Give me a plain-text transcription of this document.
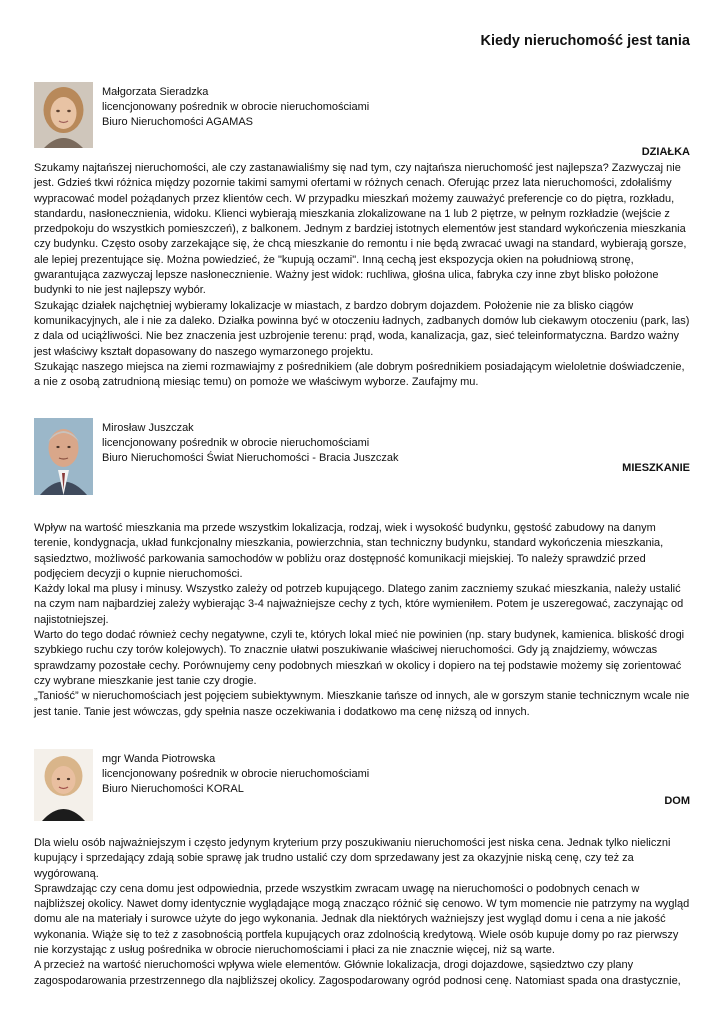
Kiedy nieruchomość jest tania
Małgorzata Sieradzka
licencjonowany pośrednik w obrocie nieruchomościami
Biuro Nieruchomości AGAMAS
DZIAŁKA

Szukamy najtańszej nieruchomości, ale czy zastanawialiśmy się nad tym, czy najtańsza nieruchomość jest najlepsza? Zazwyczaj nie jest. Gdzieś tkwi różnica między pozornie takimi samymi ofertami w różnych cenach. Oferując przez lata nieruchomości, zdołaliśmy wypracować model pożądanych przez klientów cech. W przypadku mieszkań możemy zauważyć preferencje co do piętra, rozkładu, standardu, nasłonecznienia, widoku. Klienci wybierają mieszkania zlokalizowane na 1 lub 2 piętrze, w pełnym rozkładzie (wejście z przedpokoju do wszystkich pomieszczeń), z balkonem. Jednym z bardziej istotnych elementów jest standard wykończenia mieszkania czy budynku. Często osoby zarzekające się, że chcą mieszkanie do remontu i nie będą zwracać uwagi na standard, wybierają gorsze, ale lepiej prezentujące się. Można powiedzieć, że "kupują oczami". Inną cechą jest ekspozycja okien na południową stronę, gwarantująca zazwyczaj lepsze nasłonecznienie. Ważny jest widok: ruchliwa, głośna ulica, fabryka czy inne zbyt blisko położone budynki to nie jest najlepszy wybór.

Szukając działek najchętniej wybieramy lokalizacje w miastach, z bardzo dobrym dojazdem. Położenie nie za blisko ciągów komunikacyjnych, ale i nie za daleko. Działka powinna być w otoczeniu ładnych, zadbanych domów lub ciekawym otoczeniu (park, las) z dala od uciążliwości. Nie bez znaczenia jest uzbrojenie terenu: prąd, woda, kanalizacja, gaz, sieć teleinformatyczna. Bardzo ważny jest właściwy kształt dopasowany do naszego wymarzonego projektu.

Szukając naszego miejsca na ziemi rozmawiajmy z pośrednikiem (ale dobrym pośrednikiem posiadającym wieloletnie doświadczenie, a nie z osobą zatrudnioną miesiąc temu) on pomoże we właściwym wyborze. Zaufajmy mu.

Mirosław Juszczak
licencjonowany pośrednik w obrocie nieruchomościami
Biuro Nieruchomości Świat Nieruchomości - Bracia Juszczak
MIESZKANIE

Wpływ na wartość mieszkania ma przede wszystkim lokalizacja, rodzaj, wiek i wysokość budynku, gęstość zabudowy na danym terenie, kondygnacja, układ funkcjonalny mieszkania, powierzchnia, stan techniczny budynku, standard wykończenia mieszkania, sąsiedztwo, możliwość parkowania samochodów w pobliżu oraz dostępność komunikacji miejskiej. To należy sprawdzić przed podjęciem decyzji o kupnie nieruchomości.

Każdy lokal ma plusy i minusy. Wszystko zależy od potrzeb kupującego. Dlatego zanim zaczniemy szukać mieszkania, należy ustalić na czym nam najbardziej zależy wybierając 3-4 najważniejsze cechy z tych, które wymieniłem. Potem je uszeregować, zaczynając od najistotniejszej.

Warto do tego dodać również cechy negatywne, czyli te, których lokal mieć nie powinien (np. stary budynek, kamienica. bliskość drogi szybkiego ruchu czy torów kolejowych). To znacznie ułatwi poszukiwanie właściwej nieruchomości. Gdy ją znajdziemy, wówczas sprawdzamy pozostałe cechy. Porównujemy ceny podobnych mieszkań w okolicy i dopiero na tej podstawie możemy się zorientować czy wybrane mieszkanie jest tanie czy drogie.

„Taniość” w nieruchomościach jest pojęciem subiektywnym. Mieszkanie tańsze od innych, ale w gorszym stanie technicznym wcale nie jest tanie. Tanie jest wówczas, gdy spełnia nasze oczekiwania i dodatkowo ma cenę niższą od innych.

mgr Wanda Piotrowska
licencjonowany pośrednik w obrocie nieruchomościami
Biuro Nieruchomości KORAL
DOM

Dla wielu osób najważniejszym i często jedynym kryterium przy poszukiwaniu nieruchomości jest niska cena. Jednak tylko nieliczni kupujący i sprzedający zdają sobie sprawę jak trudno ustalić czy dom sprzedawany jest za okazyjnie niską cenę, czy też za wygórowaną.

Sprawdzając czy cena domu jest odpowiednia, przede wszystkim zwracam uwagę na nieruchomości o podobnych cenach w najbliższej okolicy. Nawet domy identycznie wyglądające mogą znacząco różnić się cenowo. W tym momencie nie patrzymy na wygląd domu ale na materiały i surowce użyte do jego wykonania. Jednak dla niektórych ważniejszy jest wygląd domu i cena a nie jakość wykonania. Wiąże się to też z zasobnością portfela kupujących oraz zdolnością kredytową. Wiele osób kupuje domy po raz pierwszy nie korzystając z usług pośrednika w obrocie nieruchomościami i płaci za nie znacznie więcej, niż są warte.

A przecież na wartość nieruchomości wpływa wiele elementów. Głównie lokalizacja, drogi dojazdowe, sąsiedztwo czy plany zagospodarowania przestrzennego dla najbliższej okolicy. Zagospodarowany ogród podnosi cenę. Natomiast spada ona drastycznie,
